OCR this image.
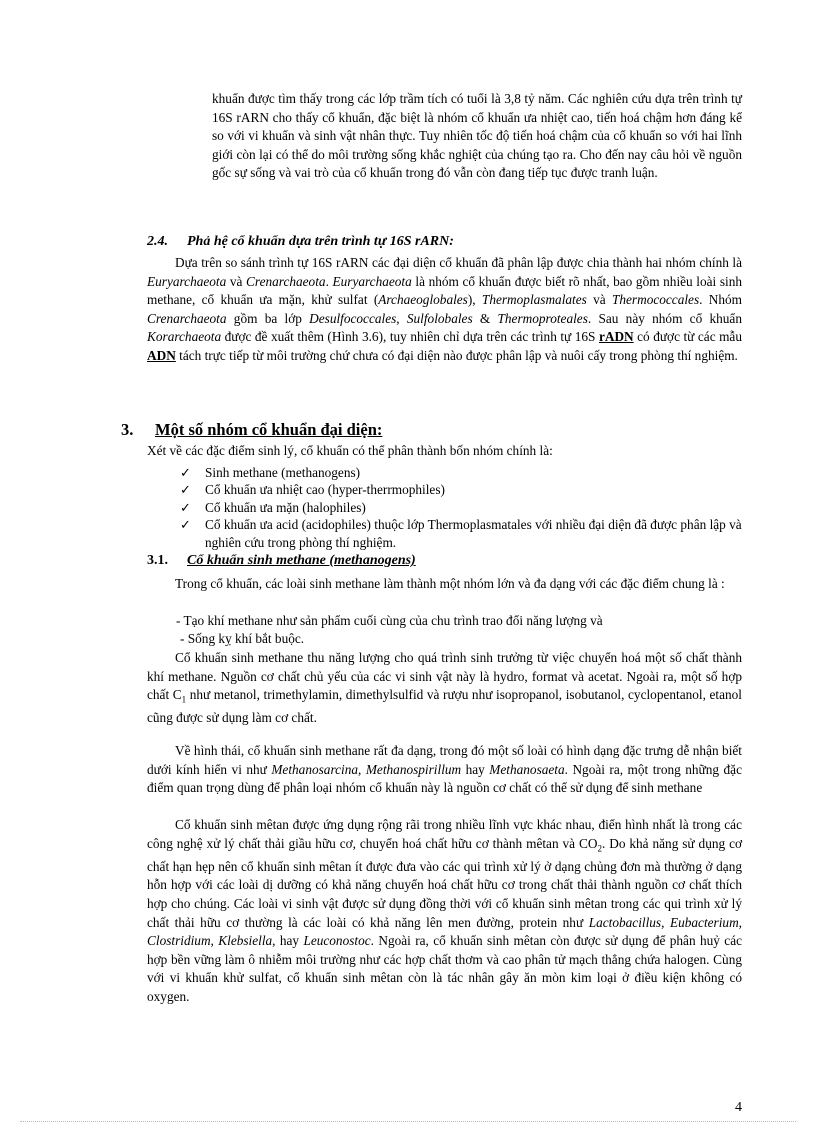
khuẩn được tìm thấy trong các lớp trầm tích có tuổi là 3,8 tỷ năm. Các nghiên cứu dựa trên trình tự 16S rARN cho thấy cổ khuẩn, đặc biệt là nhóm cổ khuẩn ưa nhiệt cao, tiến hoá chậm hơn đáng kể so với vi khuẩn và sinh vật nhân thực. Tuy nhiên tốc độ tiến hoá chậm của cổ khuẩn so với hai lĩnh giới còn lại có thể do môi trường sống khắc nghiệt của chúng tạo ra. Cho đến nay câu hỏi về nguồn gốc sự sống và vai trò của cổ khuẩn trong đó vẫn còn đang tiếp tục được tranh luận.

2.4. Phả hệ cổ khuẩn dựa trên trình tự 16S rARN:

Dựa trên so sánh trình tự 16S rARN các đại diện cổ khuẩn đã phân lập được chia thành hai nhóm chính là Euryarchaeota và Crenarchaeota. Euryarchaeota là nhóm cổ khuẩn được biết rõ nhất, bao gồm nhiều loài sinh methane, cổ khuẩn ưa mặn, khử sulfat (Archaeoglobales), Thermoplasmalates và Thermococcales. Nhóm Crenarchaeota gồm ba lớp Desulfococcales, Sulfolobales & Thermoproteales. Sau này nhóm cổ khuẩn Korarchaeota được đề xuất thêm (Hình 3.6), tuy nhiên chỉ dựa trên các trình tự 16S rADN có được từ các mẫu ADN tách trực tiếp từ môi trường chứ chưa có đại diện nào được phân lập và nuôi cấy trong phòng thí nghiệm.

3. Một số nhóm cổ khuẩn đại diện:

Xét về các đặc điểm sinh lý, cổ khuẩn có thể phân thành bốn nhóm chính là:

✓ Sinh methane (methanogens)
✓ Cổ khuẩn ưa nhiệt cao (hyper-therrmophiles)
✓ Cổ khuẩn ưa mặn (halophiles)
✓ Cổ khuẩn ưa acid (acidophiles) thuộc lớp Thermoplasmatales với nhiều đại diện đã được phân lập và nghiên cứu trong phòng thí nghiệm.
3.1. Cổ khuẩn sinh methane (methanogens)

Trong cổ khuẩn, các loài sinh methane làm thành một nhóm lớn và đa dạng với các đặc điểm chung là :

- Tạo khí methane như sản phẩm cuối cùng của chu trình trao đổi năng lượng và
- Sống kỵ khí bắt buộc.

Cổ khuẩn sinh methane thu năng lượng cho quá trình sinh trưởng từ việc chuyển hoá một số chất thành khí methane. Nguồn cơ chất chủ yếu của các vi sinh vật này là hydro, format và acetat. Ngoài ra, một số hợp chất $C_1$ như metanol, trimethylamin, dimethylsulfid và rượu như isopropanol, isobutanol, cyclopentanol, etanol cũng được sử dụng làm cơ chất.

Về hình thái, cổ khuẩn sinh methane rất đa dạng, trong đó một số loài có hình dạng đặc trưng dễ nhận biết dưới kính hiển vi như Methanosarcina, Methanospirillum hay Methanosaeta. Ngoài ra, một trong những đặc điểm quan trọng dùng để phân loại nhóm cổ khuẩn này là nguồn cơ chất có thể sử dụng để sinh methane

Cổ khuẩn sinh mêtan được ứng dụng rộng rãi trong nhiều lĩnh vực khác nhau, điển hình nhất là trong các công nghệ xử lý chất thải giầu hữu cơ, chuyển hoá chất hữu cơ thành mêtan và $CO_2$. Do khả năng sử dụng cơ chất hạn hẹp nên cổ khuẩn sinh mêtan ít được đưa vào các qui trình xử lý ở dạng chủng đơn mà thường ở dạng hỗn hợp với các loài dị dưỡng có khả năng chuyển hoá chất hữu cơ trong chất thải thành nguồn cơ chất thích hợp cho chúng. Các loài vi sinh vật được sử dụng đồng thời với cổ khuẩn sinh mêtan trong các qui trình xử lý chất thải hữu cơ thường là các loài có khả năng lên men đường, protein như Lactobacillus, Eubacterium, Clostridium, Klebsiella, hay Leuconostoc. Ngoài ra, cổ khuẩn sinh mêtan còn được sử dụng để phân huỷ các hợp bền vững làm ô nhiễm môi trường như các hợp chất thơm và cao phân tử mạch thẳng chứa halogen. Cùng với vi khuẩn khử sulfat, cổ khuẩn sinh mêtan còn là tác nhân gây ăn mòn kim loại ở điều kiện không có oxygen.

4
